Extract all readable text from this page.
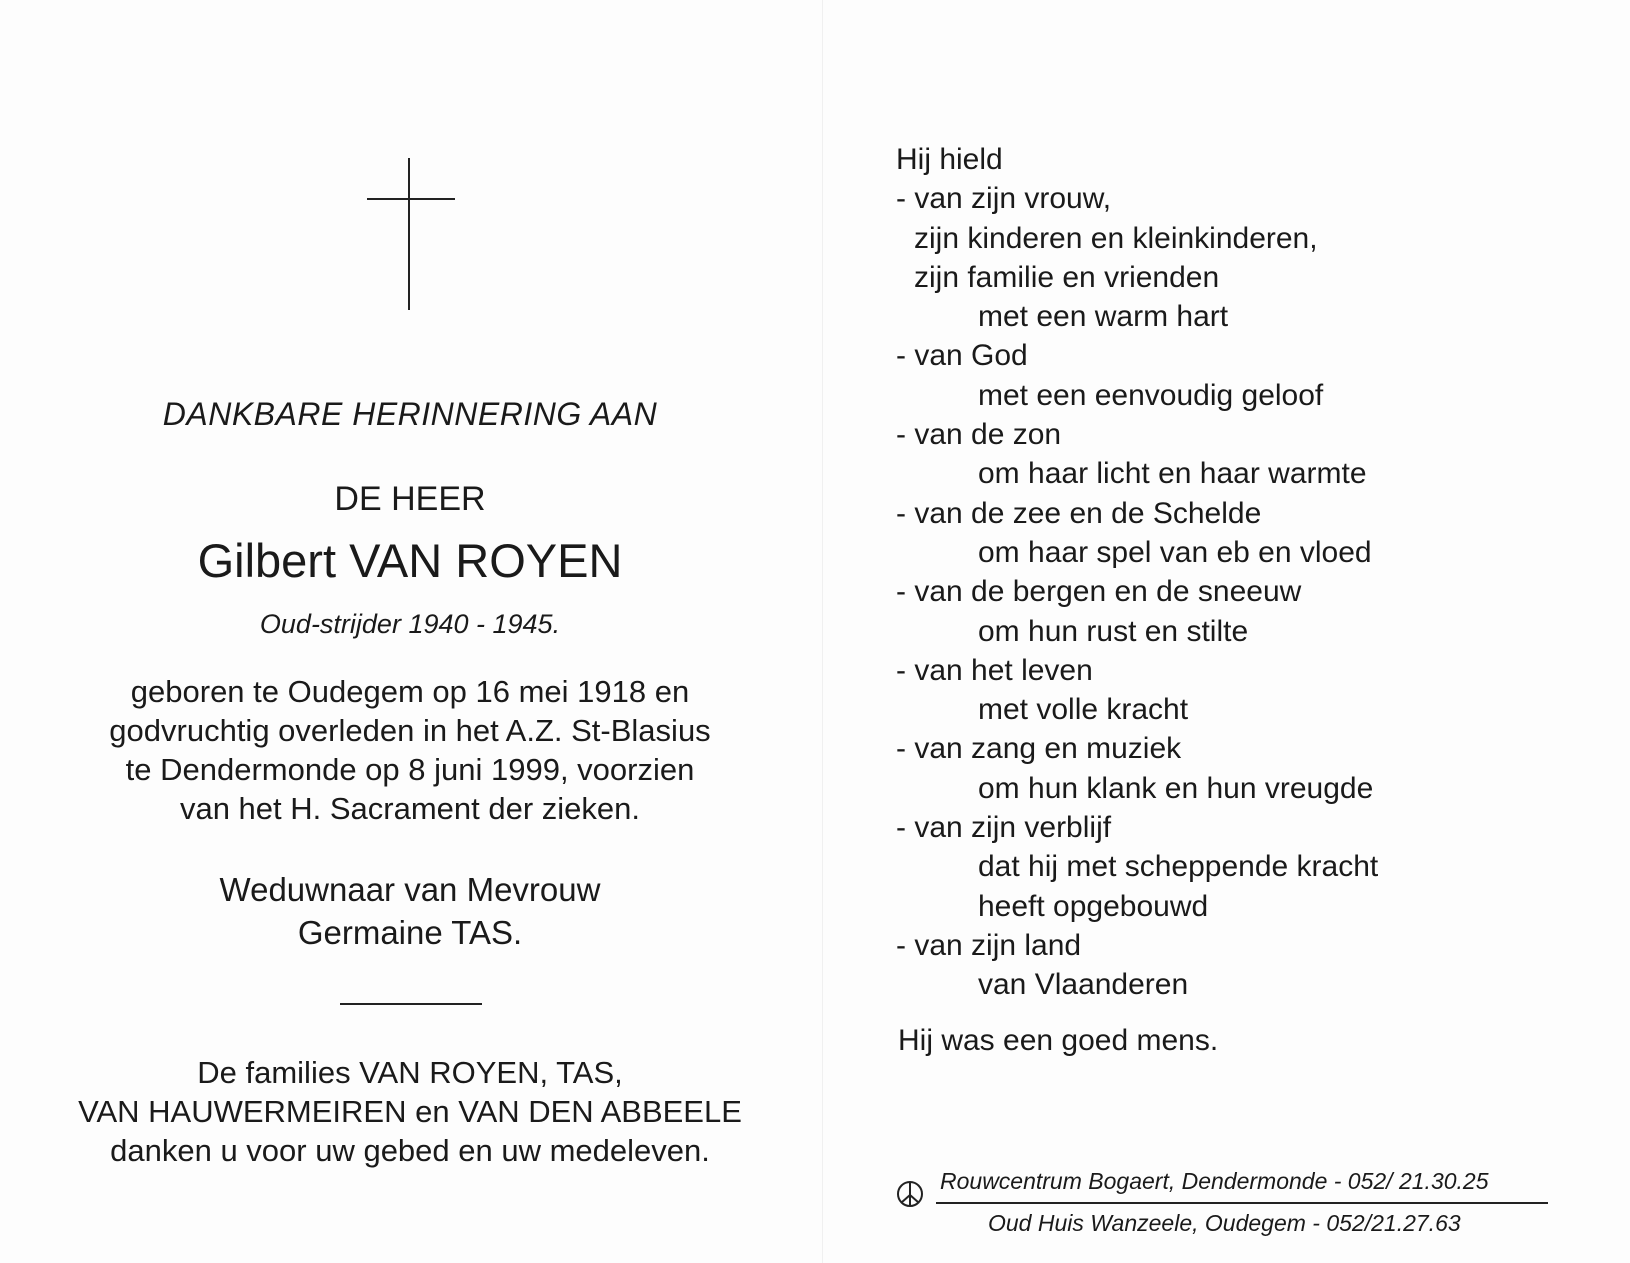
DANKBARE HERINNERING AAN
DE HEER
Gilbert VAN ROYEN
Oud-strijder 1940 - 1945.
geboren te Oudegem op 16 mei 1918 en
godvruchtig overleden in het A.Z. St-Blasius
te Dendermonde op 8 juni 1999, voorzien
van het H. Sacrament der zieken.
Weduwnaar van Mevrouw
Germaine TAS.
De families VAN ROYEN, TAS,
VAN HAUWERMEIREN en VAN DEN ABBEELE
danken u voor uw gebed en uw medeleven.
Hij hield
- van zijn vrouw,
zijn kinderen en kleinkinderen,
zijn familie en vrienden
met een warm hart
- van God
met een eenvoudig geloof
- van de zon
om haar licht en haar warmte
- van de zee en de Schelde
om haar spel van eb en vloed
- van de bergen en de sneeuw
om hun rust en stilte
- van het leven
met volle kracht
- van zang en muziek
om hun klank en hun vreugde
- van zijn verblijf
dat hij met scheppende kracht
heeft opgebouwd
- van zijn land
van Vlaanderen
Hij was een goed mens.
Rouwcentrum Bogaert, Dendermonde - 052/ 21.30.25
Oud Huis Wanzeele, Oudegem - 052/21.27.63
